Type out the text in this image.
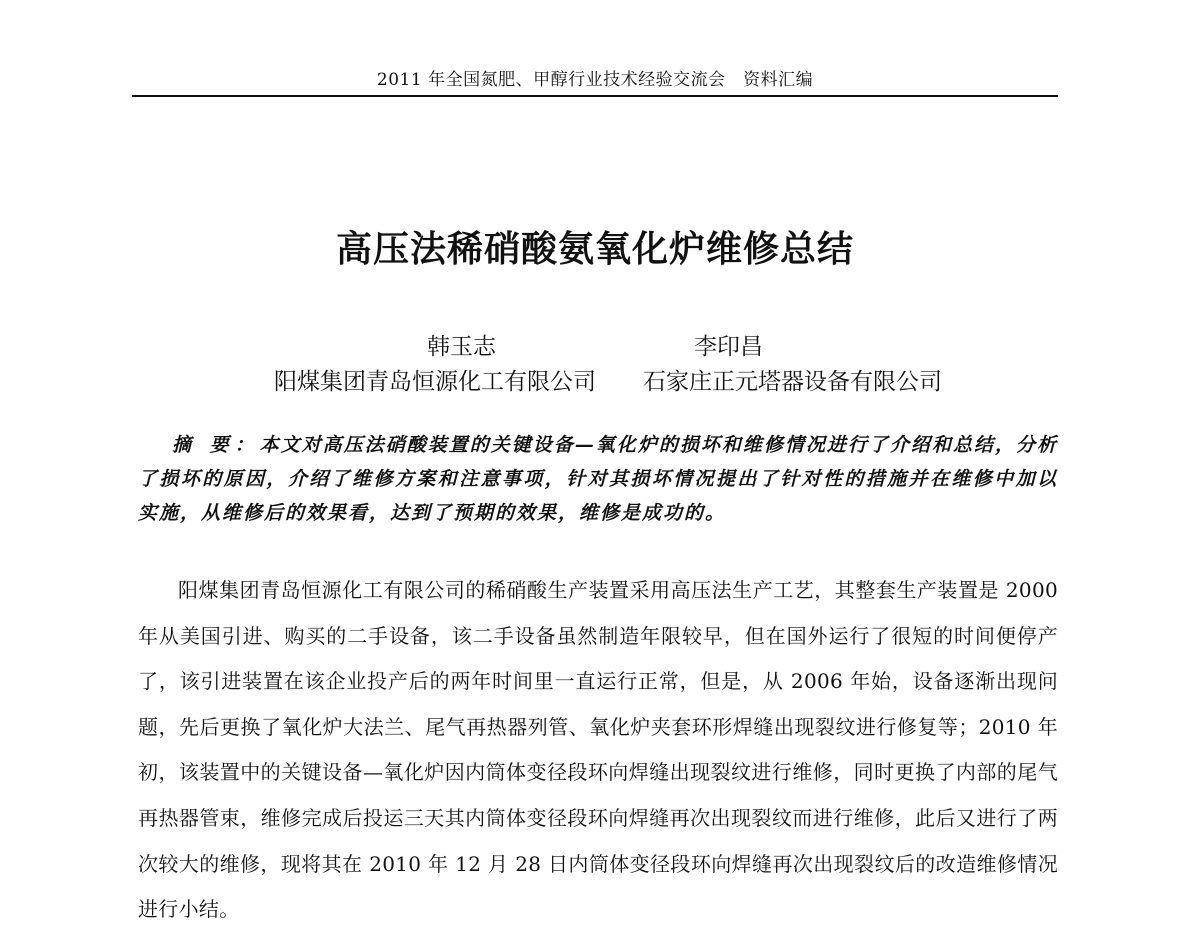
2011 年全国氮肥、甲醇行业技术经验交流会　资料汇编
高压法稀硝酸氨氧化炉维修总结
韩玉志	李印昌
阳煤集团青岛恒源化工有限公司 石家庄正元塔器设备有限公司
摘 要：本文对高压法硝酸装置的关键设备—氧化炉的损坏和维修情况进行了介绍和总结，分析了损坏的原因，介绍了维修方案和注意事项，针对其损坏情况提出了针对性的措施并在维修中加以实施，从维修后的效果看，达到了预期的效果，维修是成功的。

阳煤集团青岛恒源化工有限公司的稀硝酸生产装置采用高压法生产工艺，其整套生产装置是 2000 年从美国引进、购买的二手设备，该二手设备虽然制造年限较早，但在国外运行了很短的时间便停产了，该引进装置在该企业投产后的两年时间里一直运行正常，但是，从 2006 年始，设备逐渐出现问题，先后更换了氧化炉大法兰、尾气再热器列管、氧化炉夹套环形焊缝出现裂纹进行修复等；2010 年初，该装置中的关键设备—氧化炉因内筒体变径段环向焊缝出现裂纹进行维修，同时更换了内部的尾气再热器管束，维修完成后投运三天其内筒体变径段环向焊缝再次出现裂纹而进行维修，此后又进行了两次较大的维修，现将其在 2010 年 12 月 28 日内筒体变径段环向焊缝再次出现裂纹后的改造维修情况进行小结。
